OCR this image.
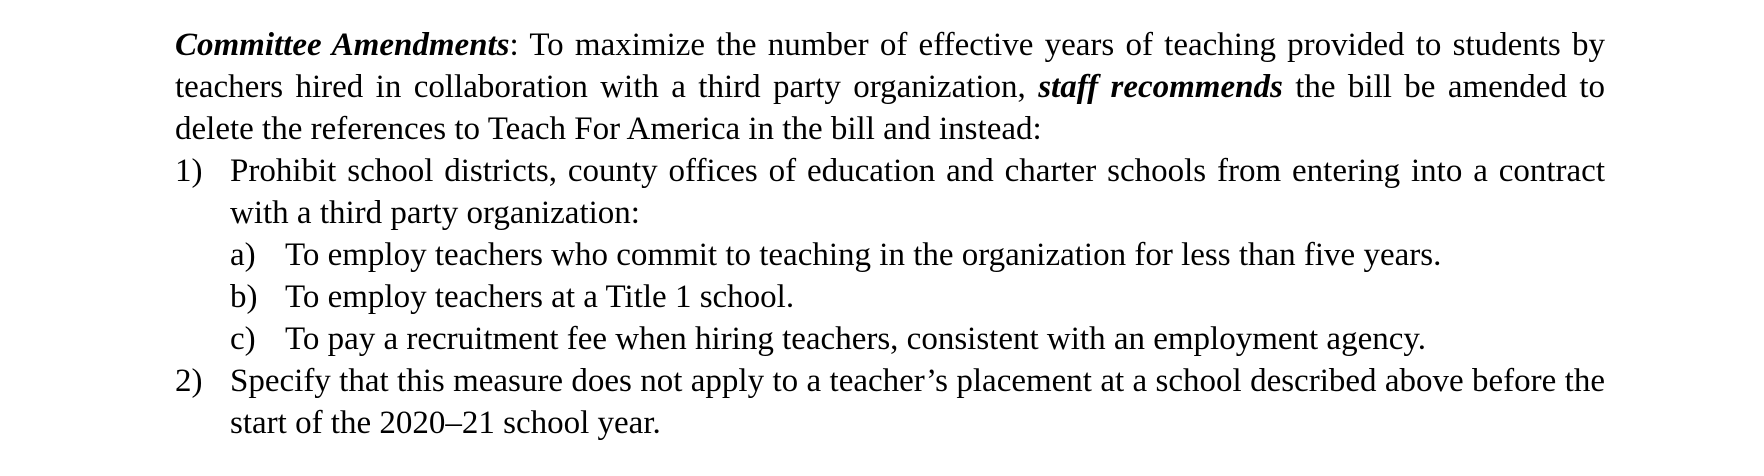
Committee Amendments: To maximize the number of effective years of teaching provided to students by teachers hired in collaboration with a third party organization, staff recommends the bill be amended to delete the references to Teach For America in the bill and instead:

1) Prohibit school districts, county offices of education and charter schools from entering into a contract with a third party organization:
a) To employ teachers who commit to teaching in the organization for less than five years.
b) To employ teachers at a Title 1 school.
c) To pay a recruitment fee when hiring teachers, consistent with an employment agency.
2) Specify that this measure does not apply to a teacher’s placement at a school described above before the start of the 2020–21 school year.
